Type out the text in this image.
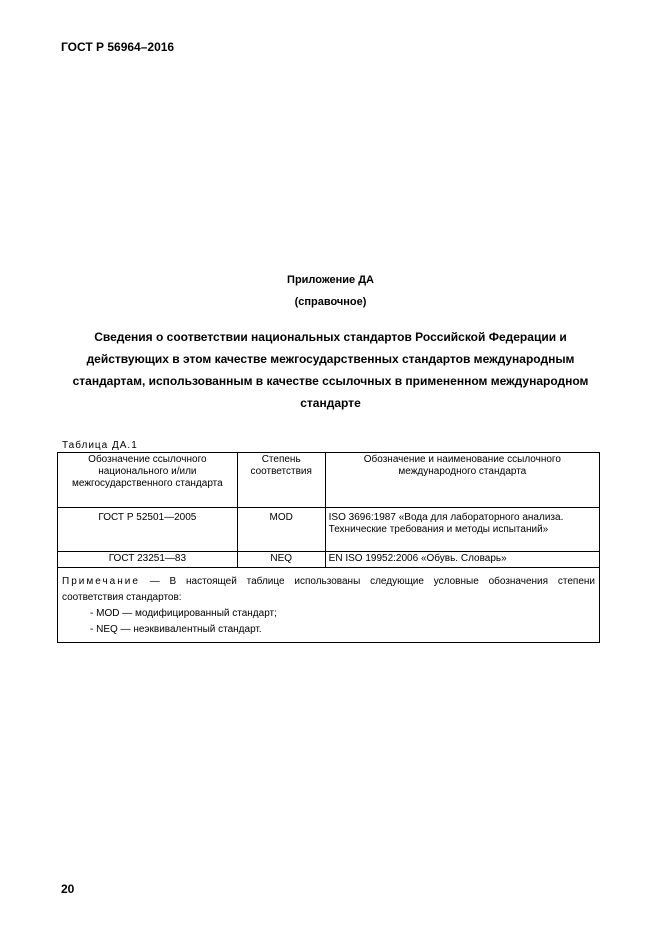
ГОСТ Р 56964–2016
Приложение ДА
(справочное)
Сведения о соответствии национальных стандартов Российской Федерации и
действующих в этом качестве межгосударственных стандартов международным
стандартам, использованным в качестве ссылочных в примененном международном
стандарте
Таблица ДА.1
Обозначение ссылочного национального и/или межгосударственного стандарта	Степень соответствия	Обозначение и наименование ссылочного международного стандарта
ГОСТ Р 52501—2005	MOD	ISO 3696:1987 «Вода для лабораторного анализа. Технические требования и методы испытаний»
ГОСТ 23251—83	NEQ	EN ISO 19952:2006 «Обувь. Словарь»

Примечание — В настоящей таблице использованы следующие условные обозначения степени
соответствия стандартов:
- MOD — модифицированный стандарт;
- NEQ — неэквивалентный стандарт.		
20
